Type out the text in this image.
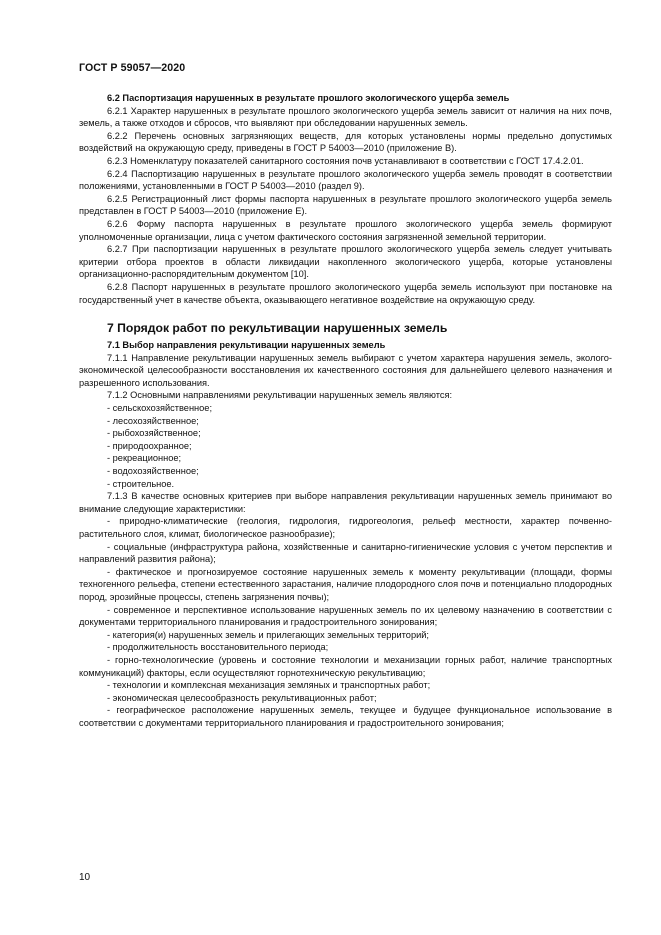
ГОСТ Р 59057—2020

6.2 Паспортизация нарушенных в результате прошлого экологического ущерба земель

6.2.1 Характер нарушенных в результате прошлого экологического ущерба земель зависит от наличия на них почв, земель, а также отходов и сбросов, что выявляют при обследовании нарушенных земель.

6.2.2 Перечень основных загрязняющих веществ, для которых установлены нормы предельно допустимых воздействий на окружающую среду, приведены в ГОСТ Р 54003—2010 (приложение В).

6.2.3 Номенклатуру показателей санитарного состояния почв устанавливают в соответствии с ГОСТ 17.4.2.01.

6.2.4 Паспортизацию нарушенных в результате прошлого экологического ущерба земель проводят в соответствии положениями, установленными в ГОСТ Р 54003—2010 (раздел 9).

6.2.5 Регистрационный лист формы паспорта нарушенных в результате прошлого экологического ущерба земель представлен в ГОСТ Р 54003—2010 (приложение Е).

6.2.6 Форму паспорта нарушенных в результате прошлого экологического ущерба земель формируют уполномоченные организации, лица с учетом фактического состояния загрязненной земельной территории.

6.2.7 При паспортизации нарушенных в результате прошлого экологического ущерба земель следует учитывать критерии отбора проектов в области ликвидации накопленного экологического ущерба, которые установлены организационно-распорядительным документом [10].

6.2.8 Паспорт нарушенных в результате прошлого экологического ущерба земель используют при постановке на государственный учет в качестве объекта, оказывающего негативное воздействие на окружающую среду.

7 Порядок работ по рекультивации нарушенных земель

7.1 Выбор направления рекультивации нарушенных земель

7.1.1 Направление рекультивации нарушенных земель выбирают с учетом характера нарушения земель, эколого-экономической целесообразности восстановления их качественного состояния для дальнейшего целевого назначения и разрешенного использования.

7.1.2 Основными направлениями рекультивации нарушенных земель являются:

- сельскохозяйственное;

- лесохозяйственное;

- рыбохозяйственное;

- природоохранное;

- рекреационное;

- водохозяйственное;

- строительное.

7.1.3 В качестве основных критериев при выборе направления рекультивации нарушенных земель принимают во внимание следующие характеристики:

- природно-климатические (геология, гидрология, гидрогеология, рельеф местности, характер почвенно-растительного слоя, климат, биологическое разнообразие);

- социальные (инфраструктура района, хозяйственные и санитарно-гигиенические условия с учетом перспектив и направлений развития района);

- фактическое и прогнозируемое состояние нарушенных земель к моменту рекультивации (площади, формы техногенного рельефа, степени естественного зарастания, наличие плодородного слоя почв и потенциально плодородных пород, эрозийные процессы, степень загрязнения почвы);

- современное и перспективное использование нарушенных земель по их целевому назначению в соответствии с документами территориального планирования и градостроительного зонирования;

- категория(и) нарушенных земель и прилегающих земельных территорий;

- продолжительность восстановительного периода;

- горно-технологические (уровень и состояние технологии и механизации горных работ, наличие транспортных коммуникаций) факторы, если осуществляют горнотехническую рекультивацию;

- технологии и комплексная механизация земляных и транспортных работ;

- экономическая целесообразность рекультивационных работ;

- географическое расположение нарушенных земель, текущее и будущее функциональное использование в соответствии с документами территориального планирования и градостроительного зонирования;

10
